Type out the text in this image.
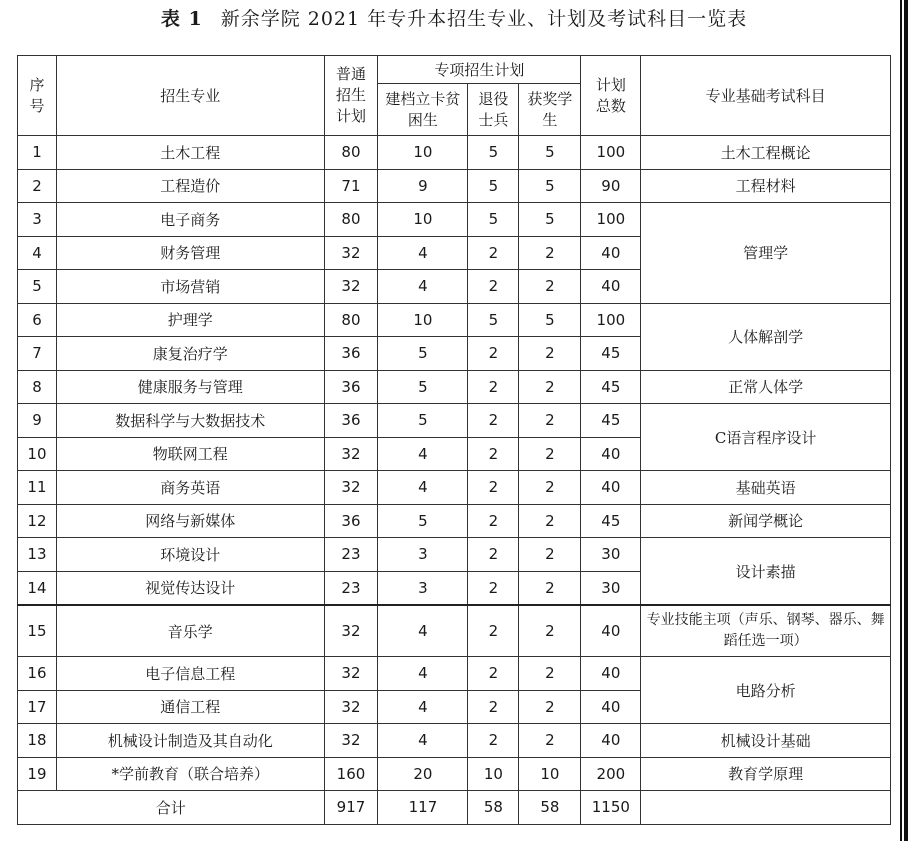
表 1 新余学院 2021 年专升本招生专业、计划及考试科目一览表
序号	招生专业	普通招生计划	专项招生计划			计划总数	专业基础考试科目
			建档立卡贫困生	退役士兵	获奖学生		
1	土木工程	80	10	5	5	100	土木工程概论
2	工程造价	71	9	5	5	90	工程材料
3	电子商务	80	10	5	5	100	管理学
4	财务管理	32	4	2	2	40	
5	市场营销	32	4	2	2	40	
6	护理学	80	10	5	5	100	人体解剖学
7	康复治疗学	36	5	2	2	45	
8	健康服务与管理	36	5	2	2	45	正常人体学
9	数据科学与大数据技术	36	5	2	2	45	C语言程序设计
10	物联网工程	32	4	2	2	40	
11	商务英语	32	4	2	2	40	基础英语
12	网络与新媒体	36	5	2	2	45	新闻学概论
13	环境设计	23	3	2	2	30	设计素描
14	视觉传达设计	23	3	2	2	30	
15	音乐学	32	4	2	2	40	专业技能主项（声乐、钢琴、器乐、舞蹈任选一项）
16	电子信息工程	32	4	2	2	40	电路分析
17	通信工程	32	4	2	2	40	
18	机械设计制造及其自动化	32	4	2	2	40	机械设计基础
19	*学前教育（联合培养）	160	20	10	10	200	教育学原理
合计		917	117	58	58	1150	
